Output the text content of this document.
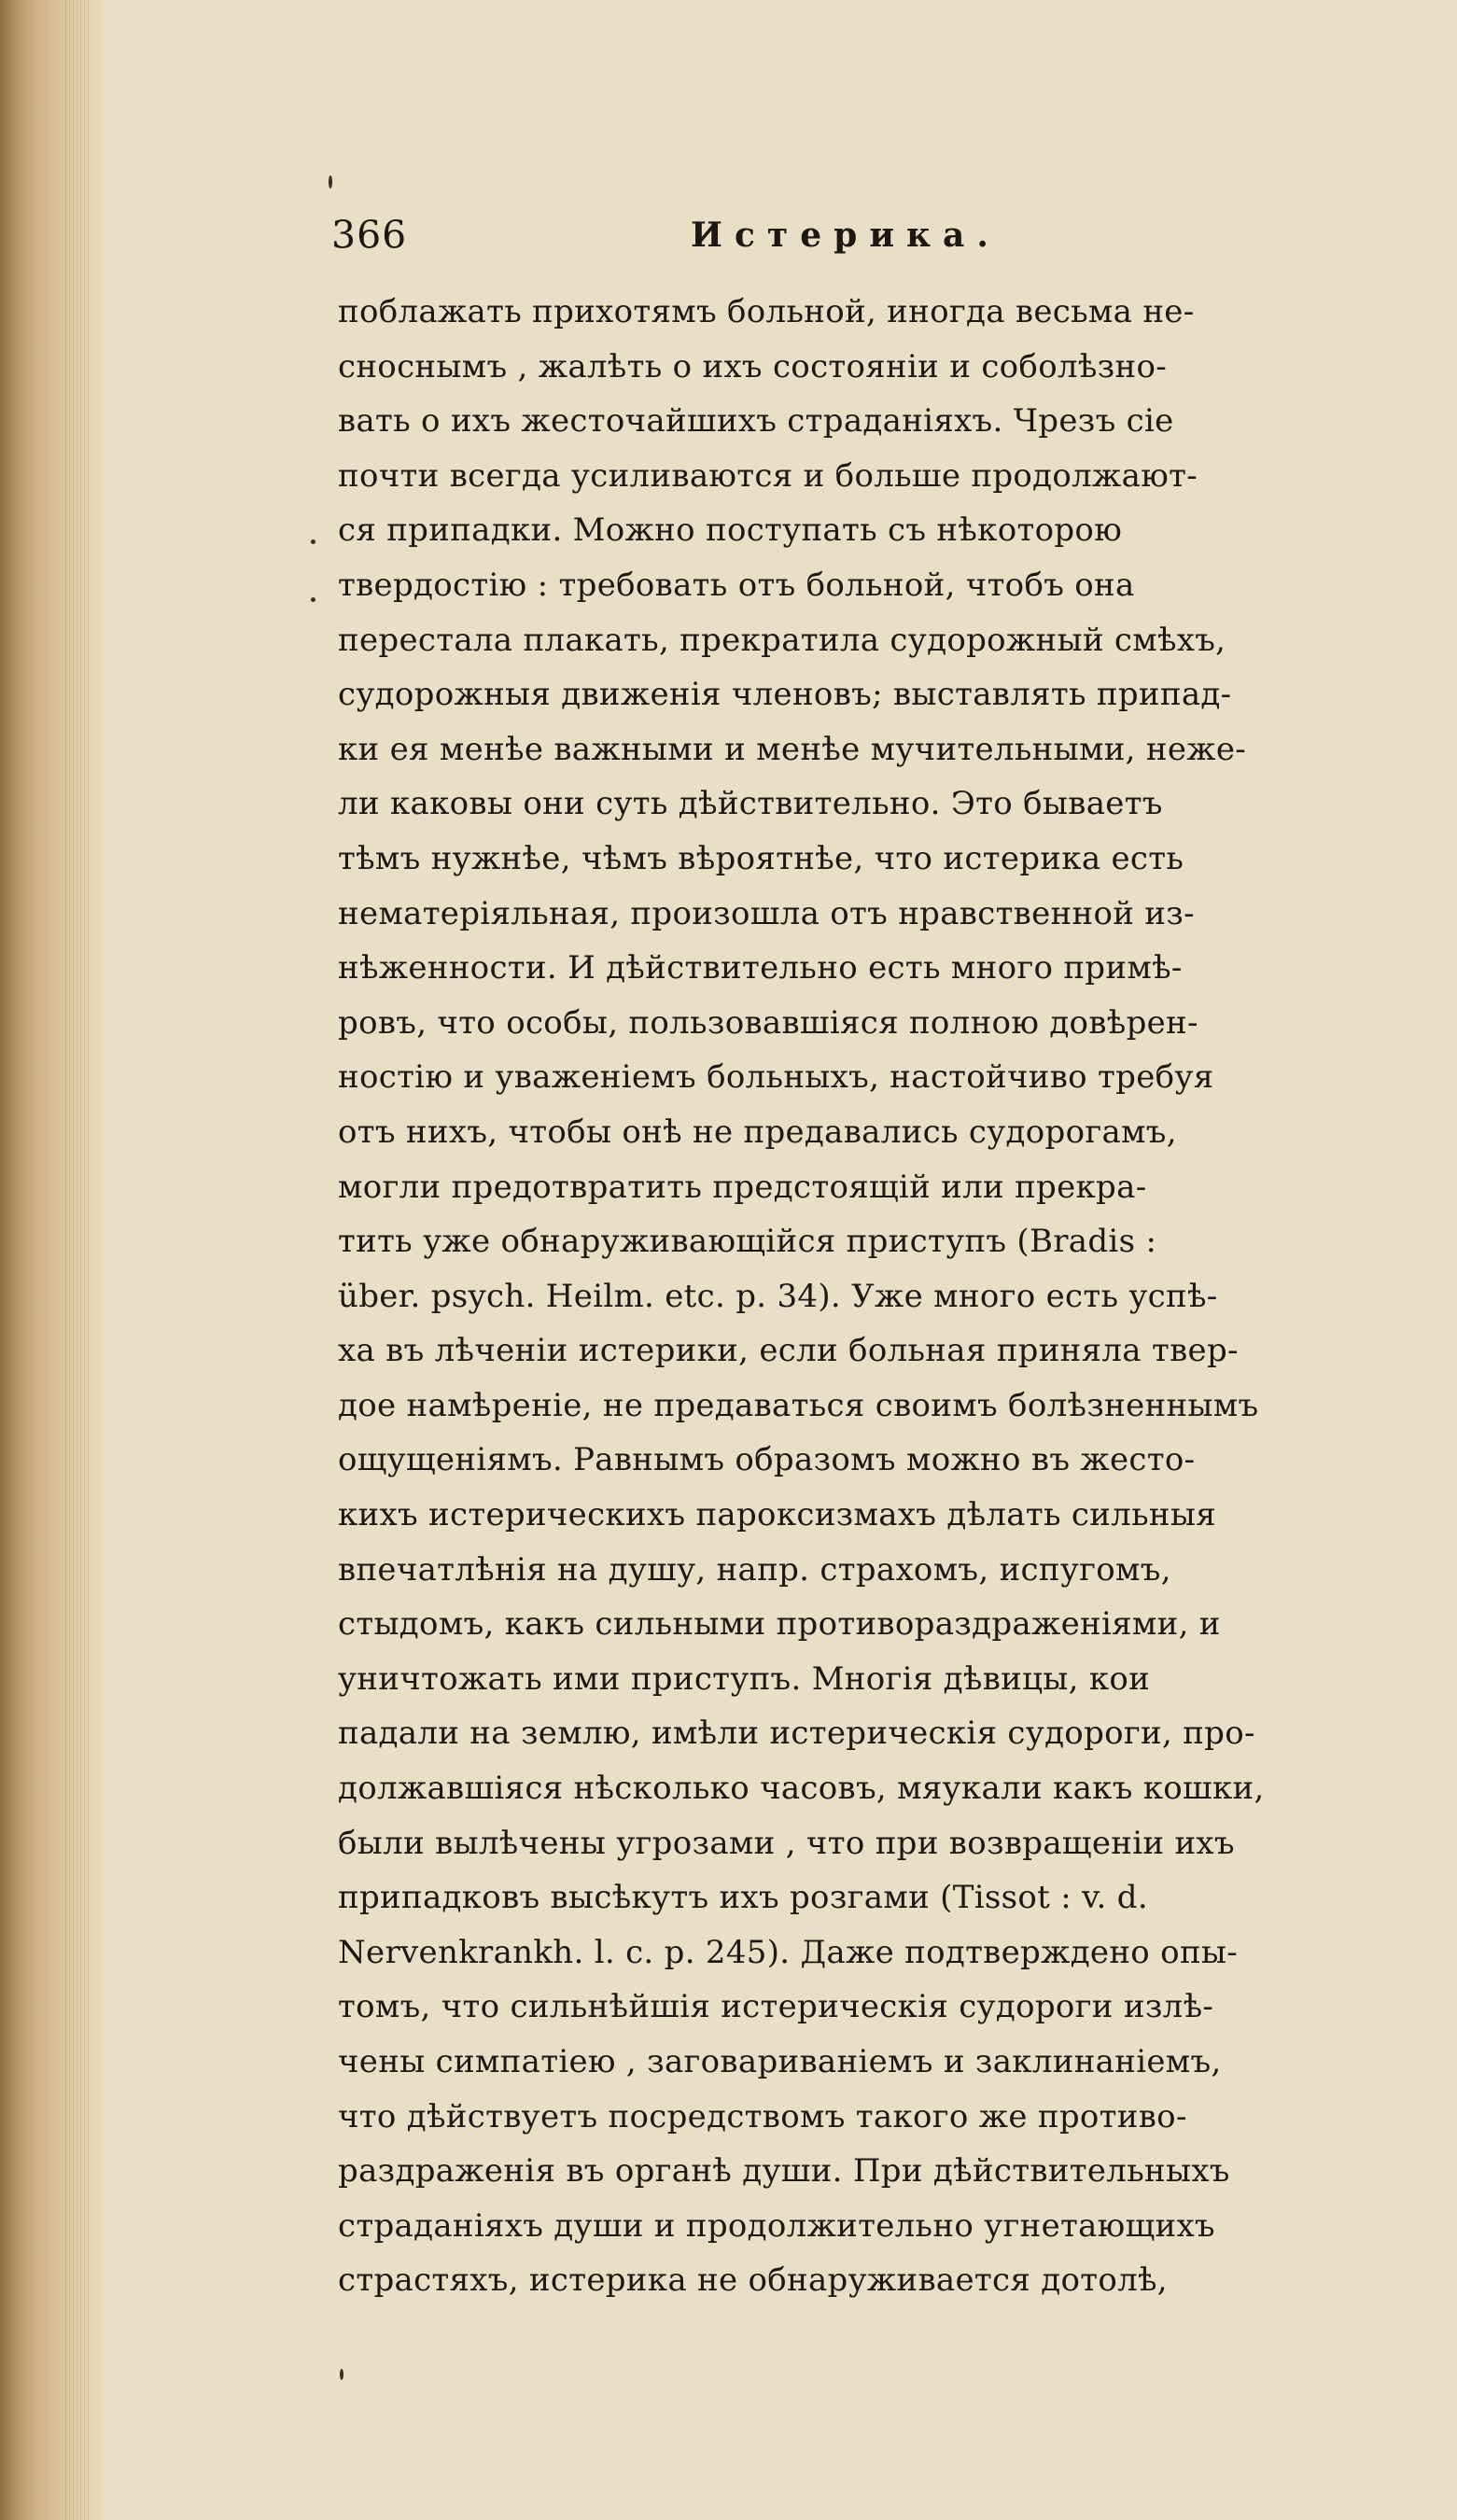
366	Истерика.
поблажать прихотямъ больной, иногда весьма не-
сноснымъ , жалѣть о ихъ состояніи и соболѣзно-
вать о ихъ жесточайшихъ страданіяхъ. Чрезъ сіе
почти всегда усиливаются и больше продолжают-
ся припадки. Можно поступать съ нѣкоторою
твердостію : требовать отъ больной, чтобъ она
перестала плакать, прекратила судорожный смѣхъ,
судорожныя движенія членовъ; выставлять припад-
ки ея менѣе важными и менѣе мучительными, неже-
ли каковы они суть дѣйствительно. Это бываетъ
тѣмъ нужнѣе, чѣмъ вѣроятнѣе, что истерика есть
нематеріяльная, произошла отъ нравственной из-
нѣженности. И дѣйствительно есть много примѣ-
ровъ, что особы, пользовавшіяся полною довѣрен-
ностію и уваженіемъ больныхъ, настойчиво требуя
отъ нихъ, чтобы онѣ не предавались судорогамъ,
могли предотвратить предстоящій или прекра-
тить уже обнаруживающійся приступъ (Bradis :
über. psych. Heilm. etc. p. 34). Уже много есть успѣ-
ха въ лѣченіи истерики, если больная приняла твер-
дое намѣреніе, не предаваться своимъ болѣзненнымъ
ощущеніямъ. Равнымъ образомъ можно въ жесто-
кихъ истерическихъ пароксизмахъ дѣлать сильныя
впечатлѣнія на душу, напр. страхомъ, испугомъ,
стыдомъ, какъ сильными противораздраженіями, и
уничтожать ими приступъ. Многія дѣвицы, кои
падали на землю, имѣли истерическія судороги, про-
должавшіяся нѣсколько часовъ, мяукали какъ кошки,
были вылѣчены угрозами , что при возвращеніи ихъ
припадковъ высѣкутъ ихъ розгами (Tissot : v. d.
Nervenkrankh. l. c. p. 245). Даже подтверждено опы-
томъ, что сильнѣйшія истерическія судороги излѣ-
чены симпатіею , заговариваніемъ и заклинаніемъ,
что дѣйствуетъ посредствомъ такого же противо-
раздраженія въ органѣ души. При дѣйствительныхъ
страданіяхъ души и продолжительно угнетающихъ
страстяхъ, истерика не обнаруживается дотолѣ,
